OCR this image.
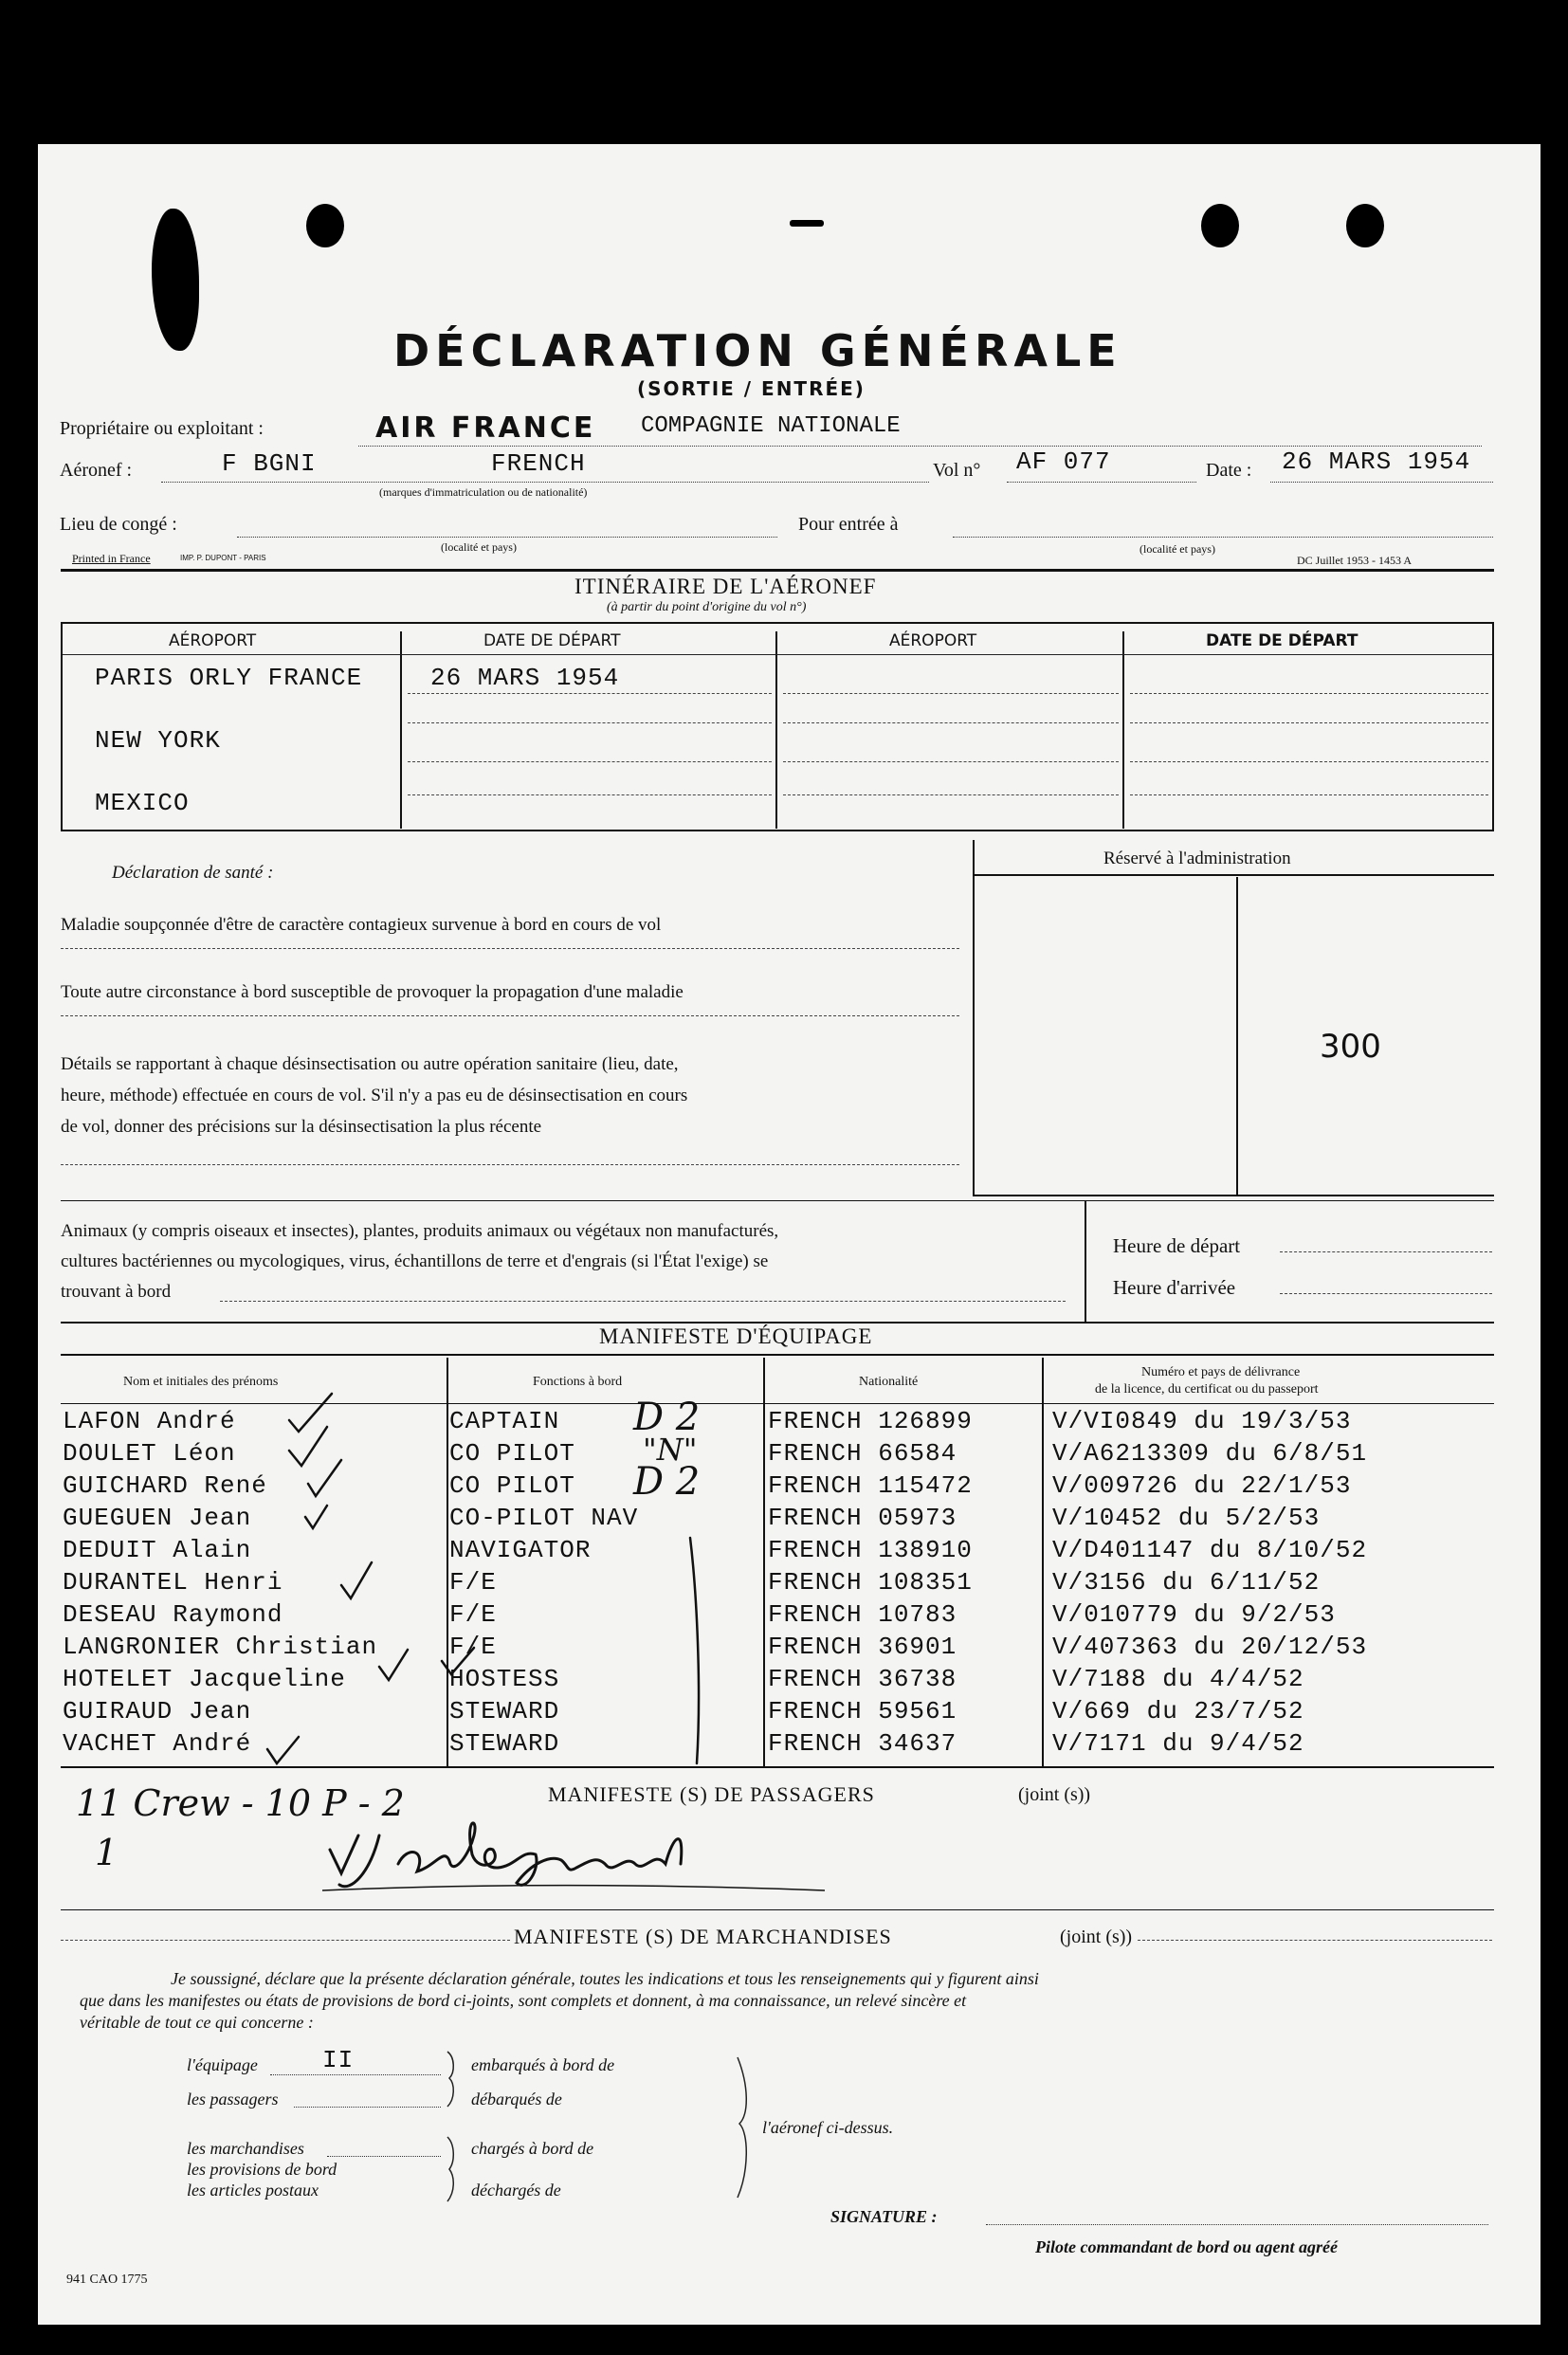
DÉCLARATION GÉNÉRALE
(SORTIE / ENTRÉE)
Propriétaire ou exploitant :	AIR FRANCE COMPAGNIE NATIONALE
Aéronef :	F BGNI	FRENCH
(marques d'immatriculation ou de nationalité)
Vol n° AF 077	Date : 26 MARS 1954
Lieu de congé :	Pour entrée à
(localité et pays)	(localité et pays)
Printed in France	IMP. P. DUPONT - PARIS	DC Juillet 1953 - 1453 A
ITINÉRAIRE DE L'AÉRONEF
(à partir du point d'origine du vol n°)
AÉROPORT	DATE DE DÉPART	AÉROPORT	DATE DE DÉPART
PARIS ORLY FRANCE	26 MARS 1954
NEW YORK
MEXICO
Déclaration de santé :
Maladie soupçonnée d'être de caractère contagieux survenue à bord en cours de vol
Toute autre circonstance à bord susceptible de provoquer la propagation d'une maladie
Détails se rapportant à chaque désinsectisation ou autre opération sanitaire (lieu, date,
heure, méthode) effectuée en cours de vol. S'il n'y a pas eu de désinsectisation en cours
de vol, donner des précisions sur la désinsectisation la plus récente
Réservé à l'administration
300
Animaux (y compris oiseaux et insectes), plantes, produits animaux ou végétaux non manufacturés,
cultures bactériennes ou mycologiques, virus, échantillons de terre et d'engrais (si l'État l'exige) se
trouvant à bord
Heure de départ
Heure d'arrivée
MANIFESTE D'ÉQUIPAGE
Nom et initiales des prénoms	Fonctions à bord	Nationalité
Numéro et pays de délivrance
de la licence, du certificat ou du passeport
LAFON André	CAPTAIN	FRENCH 126899	V/VI0849 du 19/3/53
DOULET Léon	CO PILOT	FRENCH 66584	V/A6213309 du 6/8/51
GUICHARD René	CO PILOT	FRENCH 115472	V/009726 du 22/1/53
GUEGUEN Jean	CO-PILOT NAV	FRENCH 05973	V/10452 du 5/2/53
DEDUIT Alain	NAVIGATOR	FRENCH 138910	V/D401147 du 8/10/52
DURANTEL Henri	F/E	FRENCH 108351	V/3156 du 6/11/52
DESEAU Raymond	F/E	FRENCH 10783	V/010779 du 9/2/53
LANGRONIER Christian	F/E	FRENCH 36901	V/407363 du 20/12/53
HOTELET Jacqueline	HOSTESS	FRENCH 36738	V/7188 du 4/4/52
GUIRAUD Jean	STEWARD	FRENCH 59561	V/669 du 23/7/52
VACHET André	STEWARD	FRENCH 34637	V/7171 du 9/4/52
D 2
"N"
D 2
MANIFESTE (S) DE PASSAGERS	(joint (s))
11 Crew - 10 P - 2
1
MANIFESTE (S) DE MARCHANDISES	(joint (s))
Je soussigné, déclare que la présente déclaration générale, toutes les indications et tous les renseignements qui y figurent ainsi
que dans les manifestes ou états de provisions de bord ci-joints, sont complets et donnent, à ma connaissance, un relevé sincère et
véritable de tout ce qui concerne :
l'équipage	II	embarqués à bord de
les passagers	débarqués de
l'aéronef ci-dessus.
les marchandises
les provisions de bord
les articles postaux
chargés à bord de
déchargés de
SIGNATURE :
Pilote commandant de bord ou agent agréé
941 CAO 1775
